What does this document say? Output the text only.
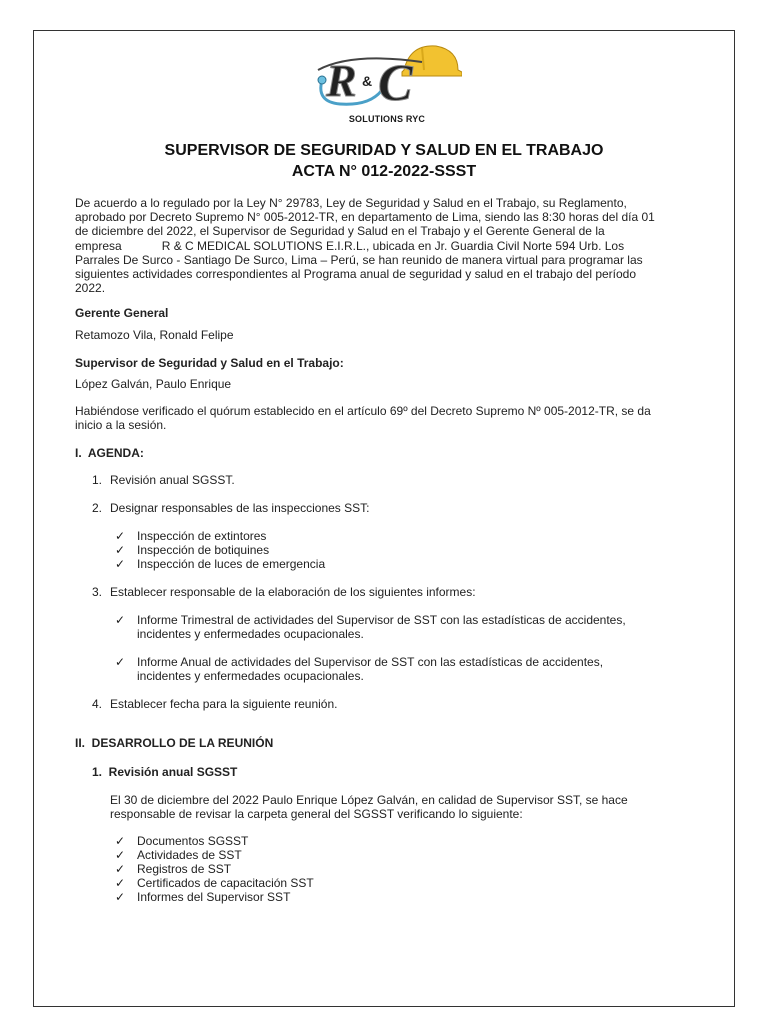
R & C
SOLUTIONS RYC
SUPERVISOR DE SEGURIDAD Y SALUD EN EL TRABAJO
ACTA N° 012-2022-SSST
De acuerdo a lo regulado por la Ley N° 29783, Ley de Seguridad y Salud en el Trabajo, su Reglamento,
aprobado por Decreto Supremo N° 005-2012-TR, en departamento de Lima, siendo las 8:30 horas del día 01
de diciembre del 2022, el Supervisor de Seguridad y Salud en el Trabajo y el Gerente General de la
empresa            R & C MEDICAL SOLUTIONS E.I.R.L., ubicada en Jr. Guardia Civil Norte 594 Urb. Los
Parrales De Surco - Santiago De Surco, Lima – Perú, se han reunido de manera virtual para programar las
siguientes actividades correspondientes al Programa anual de seguridad y salud en el trabajo del período
2022.
Gerente General
Retamozo Vila, Ronald Felipe
Supervisor de Seguridad y Salud en el Trabajo:
López Galván, Paulo Enrique
Habiéndose verificado el quórum establecido en el artículo 69º del Decreto Supremo Nº 005-2012-TR, se da
inicio a la sesión.
I.  AGENDA:
1. Revisión anual SGSST.
2. Designar responsables de las inspecciones SST:
✓ Inspección de extintores
✓ Inspección de botiquines
✓ Inspección de luces de emergencia
3. Establecer responsable de la elaboración de los siguientes informes:
✓ Informe Trimestral de actividades del Supervisor de SST con las estadísticas de accidentes,
incidentes y enfermedades ocupacionales.
✓ Informe Anual de actividades del Supervisor de SST con las estadísticas de accidentes,
incidentes y enfermedades ocupacionales.
4. Establecer fecha para la siguiente reunión.
II.  DESARROLLO DE LA REUNIÓN
1.  Revisión anual SGSST
El 30 de diciembre del 2022 Paulo Enrique López Galván, en calidad de Supervisor SST, se hace
responsable de revisar la carpeta general del SGSST verificando lo siguiente:
✓ Documentos SGSST
✓ Actividades de SST
✓ Registros de SST
✓ Certificados de capacitación SST
✓ Informes del Supervisor SST
